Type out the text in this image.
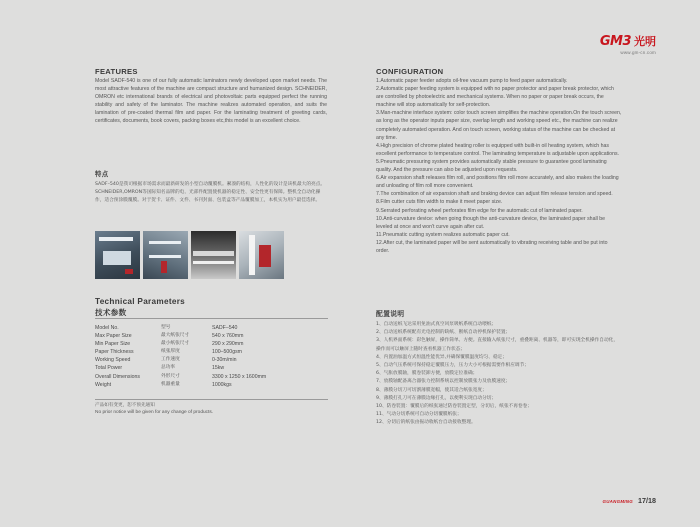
GM3 光明
www.gm-cn.com
FEATURES

Model SADF-540 is one of our fully automatic laminators newly developed upon market needs. The most attractive features of the machine are compact structure and humanized design. SCHNEIDER, OMRON etc international brands of electrical and photovoltaic parts equipped perfect the running stability and safety of the laminator. The machine realizes automated operation, and suits the lamination of pre-coated thermal film and paper. For the laminating treatment of greeting cards, certificates, documents, book covers, packing boxes etc,this model is an excellent choice.

特点

SADF–540是我司根据市场需求而最新研发的小型自动覆膜机。紧凑的结构，人性化的设计是该机最大的亮点。SCHNEIDER,OMRON等国际知名品牌的电、光部件配置使机器的稳定性、安全性更有保障。整机全自动化操作，适合预涂膜覆膜。对于贺卡、证件、文件、书刊封面、包装盒等产品覆膜加工，本机实为用户最佳选择。

Technical Parameters
技术参数
Model No.	型号	SADF–540
Max Paper Size	最大纸张尺寸	540 x 760mm
Min Paper Size	最小纸张尺寸	290 x 290mm
Paper Thickness	纸张厚度	100–500gsm
Working Speed	工作速度	0-30m/min
Total Power	总功率	15kw
Overall Dimensions	外形尺寸	3300 x 1250 x 1600mm
Weight	机器重量	1000kgs
产品如有变更，恕不预先通知
No prior notice will be given for any change of products.
CONFIGURATION
1.Automatic paper feeder adopts oil-free vacuum pump to feed paper automatically.
2.Automatic paper feeding system is equipped with no paper protector and paper break protector, which are controlled by photoelectric and mechanical systems. When no paper or paper break occurs, the machine will stop automatically for self-protection.
3.Man-machine interface system: color touch screen simplifies the machine operation.On the touch screen, as long as the operator inputs paper size, overlap length and working speed etc., the machine can realize completely automated operation. And on touch screen, working status of the machine can be checked at any time.
4.High precision of chrome plated heating roller is equipped with built-in oil heating system, which has excellent performance to temperature control. The laminating temperature is adjustable upon applications.
5.Pneumatic pressuring system provides automatically stable pressure to guarantee good laminating quality. And the pressure can also be adjusted upon requests.
6.Air expansion shaft releases film roll, and positions film roll more accurately, and also makes the loading and unloading of film roll more convenient.
7.The combination of air expansion shaft and braking device can adjust film release tension and speed.
8.Film cutter cuts film width to make it meet paper size.
9.Serrated perforating wheel perforates film edge for the automatic cut of laminated paper.
10.Anti-curvature device: when going though the anti-curvature device, the laminated paper shall be leveled at once and won't curve again after cut.
11.Pneumatic cutting system realizes automatic paper cut.
12.After cut, the laminated paper will be sent automatically to vibrating receiving table and be put into order.
配置说明
1、自动送纸飞达采用免油式真空风泵吸纸系统自动喂纸；
2、自动送纸系统配有光电控制的缺纸、断纸自动停机保护装置；
3、人机界面系统：彩色触屏，操作简单、方便。直接输入纸张尺寸，重叠距离、机器等，即可实现全机操作自动化，操作而可以触屏上随时查看机器工作状态；
4、内置油加温方式恒温性能优异,并确保覆膜温度均匀、稳定；
5、自动气压系统可保持稳定覆膜压力，压力大小可根据需要作相应调节；
6、气胀放膜轴，膜卷装卸方便，放膜定位准确；
7、放膜轴配备离合器张力控制系统以控制放膜张力及放膜速度；
8、薄膜分切刀可切割薄膜宽幅，使其适合纸张宽度；
9、薄膜打孔刀可在薄膜边缘打孔，以便利实现自动分切；
10、防卷装置：覆膜后的纸张通过防卷装置定型，分切后，纸张不再卷卷；
11、气动分切系统可自动分切覆膜纸张；
12、分切后的纸张由振动收纸台自动接收整理。
GUANGMING 17/18
